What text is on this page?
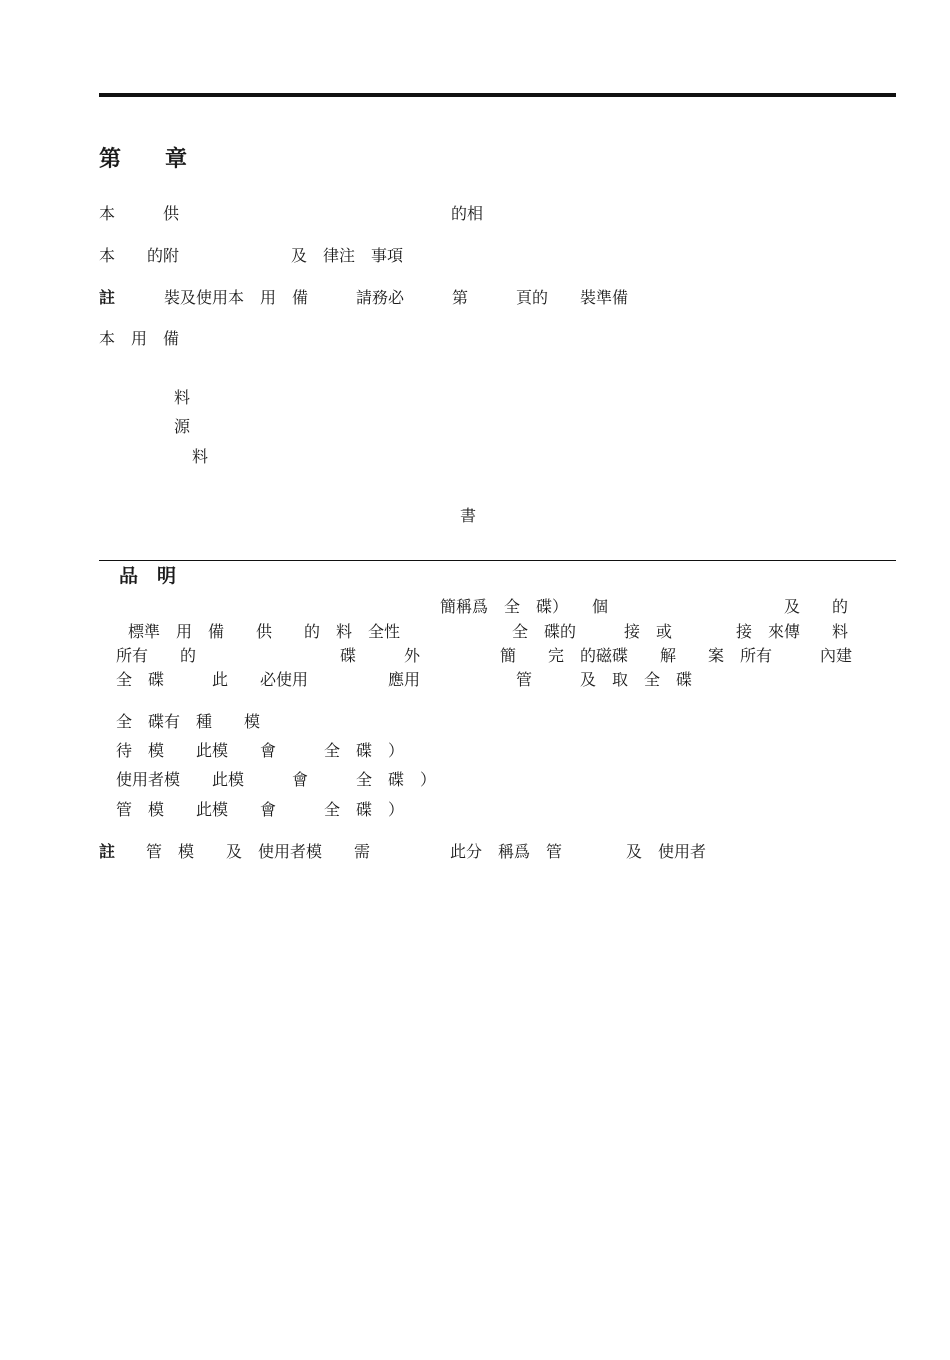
第　　章
本　　　供　　　　　　　　　　　　　　　　　的相
本　　的附　　　　　　　及　律注　事項
註	裝及使用本　用　備　　　請務必　　　第　　　頁的　　裝準備
本　用　備
料
源
料
書
品　明
簡稱爲　全　碟）　　個　　　　　　　　　　　及　　的
標準　用　備　　供　　的　料　全性　　　　　　　全　碟的　　　接　或　　　　接　來傳　　料
所有　　的　　　　　　　　　碟　　　外　　　　　簡　　完　的磁碟　　解　　案　所有　　　內建
全　碟　　　此　　必使用　　　　　應用　　　　　　管　　　及　取　全　碟
全　碟有　種　　模
待　模　　此模　　會　　　全　碟　）
使用者模　　此模　　　會　　　全　碟　）
管　模　　此模　　會　　　全　碟　）
註 管　模　　及　使用者模　　需　　　　　此分　稱爲　管　　　　及　使用者
